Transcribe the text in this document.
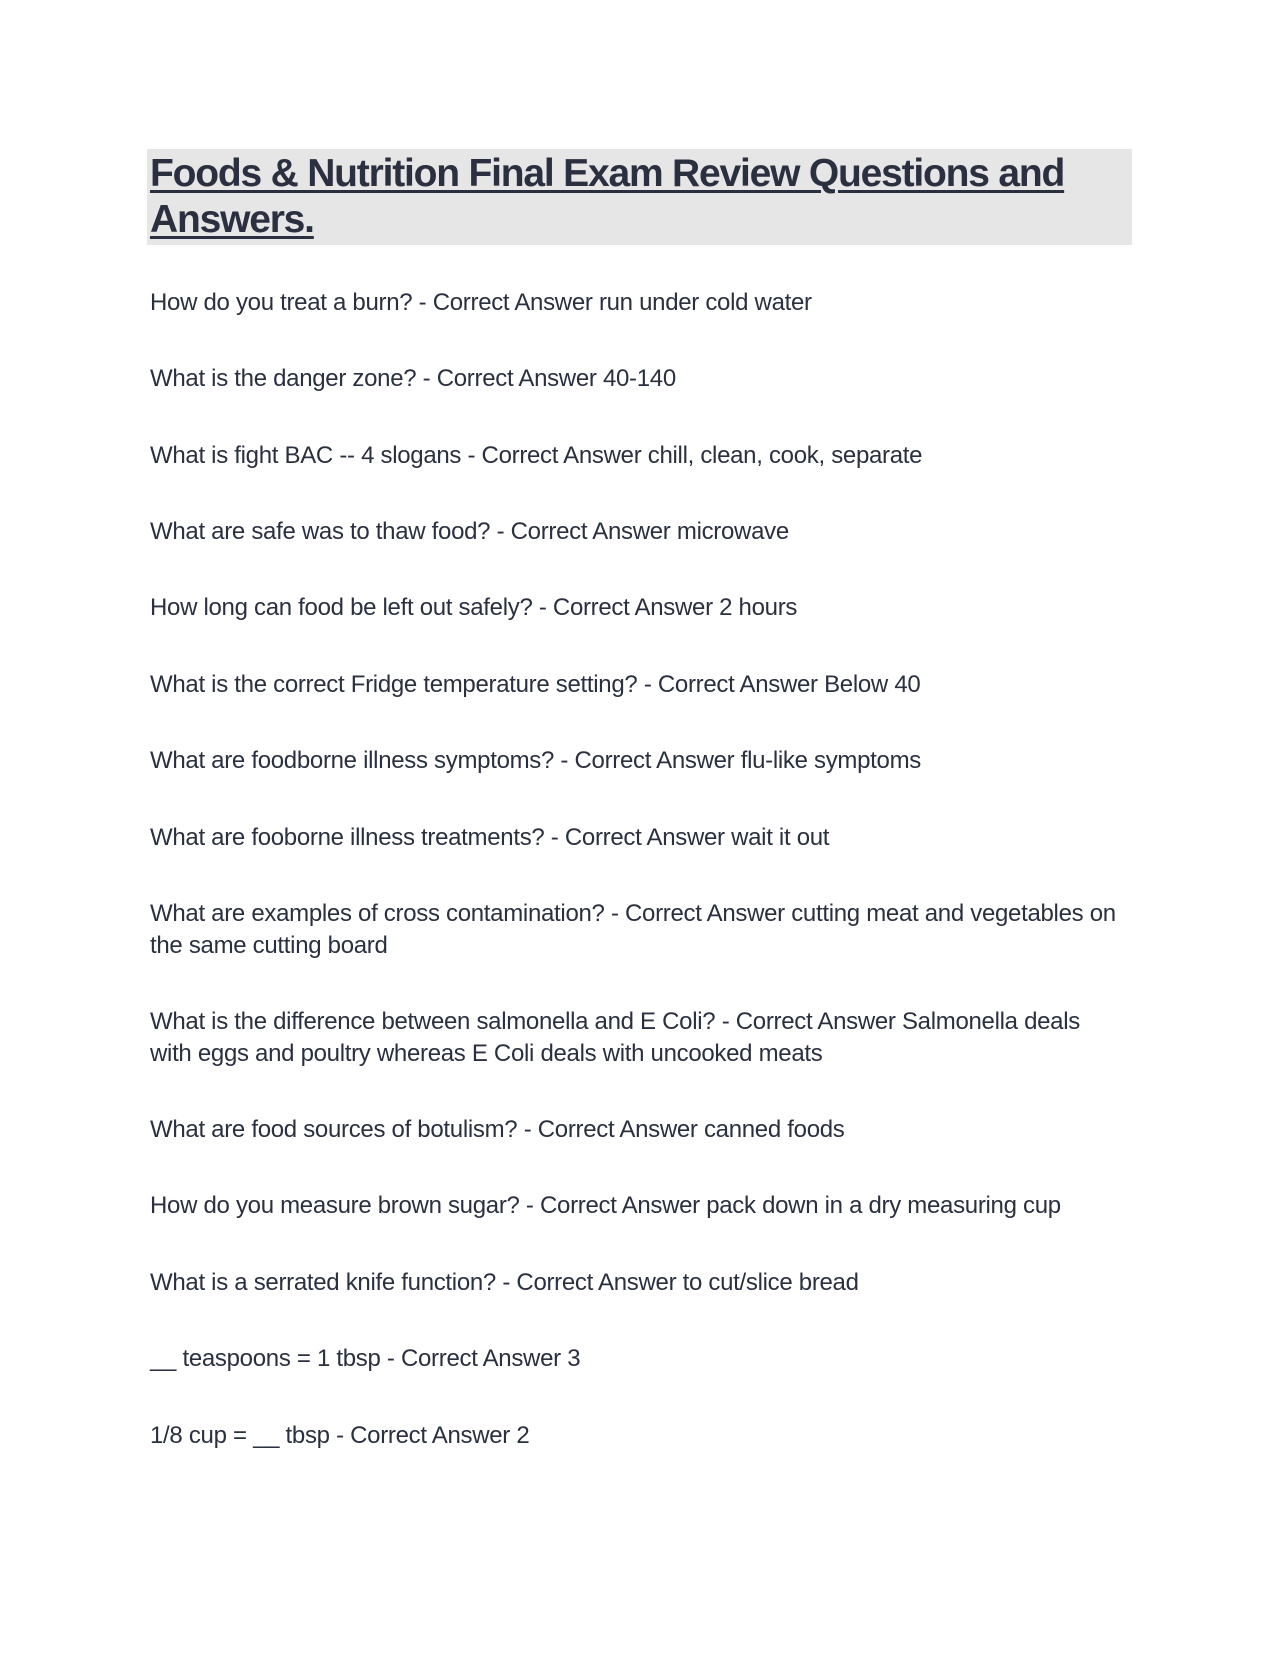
Foods & Nutrition Final Exam Review Questions and Answers.

How do you treat a burn? - Correct Answer run under cold water

What is the danger zone? - Correct Answer 40-140

What is fight BAC -- 4 slogans - Correct Answer chill, clean, cook, separate

What are safe was to thaw food? - Correct Answer microwave

How long can food be left out safely? - Correct Answer 2 hours

What is the correct Fridge temperature setting? - Correct Answer Below 40

What are foodborne illness symptoms? - Correct Answer flu-like symptoms

What are fooborne illness treatments? - Correct Answer wait it out

What are examples of cross contamination? - Correct Answer cutting meat and vegetables on the same cutting board

What is the difference between salmonella and E Coli? - Correct Answer Salmonella deals with eggs and poultry whereas E Coli deals with uncooked meats

What are food sources of botulism? - Correct Answer canned foods

How do you measure brown sugar? - Correct Answer pack down in a dry measuring cup

What is a serrated knife function? - Correct Answer to cut/slice bread

__ teaspoons = 1 tbsp - Correct Answer 3

1/8 cup = __ tbsp - Correct Answer 2
